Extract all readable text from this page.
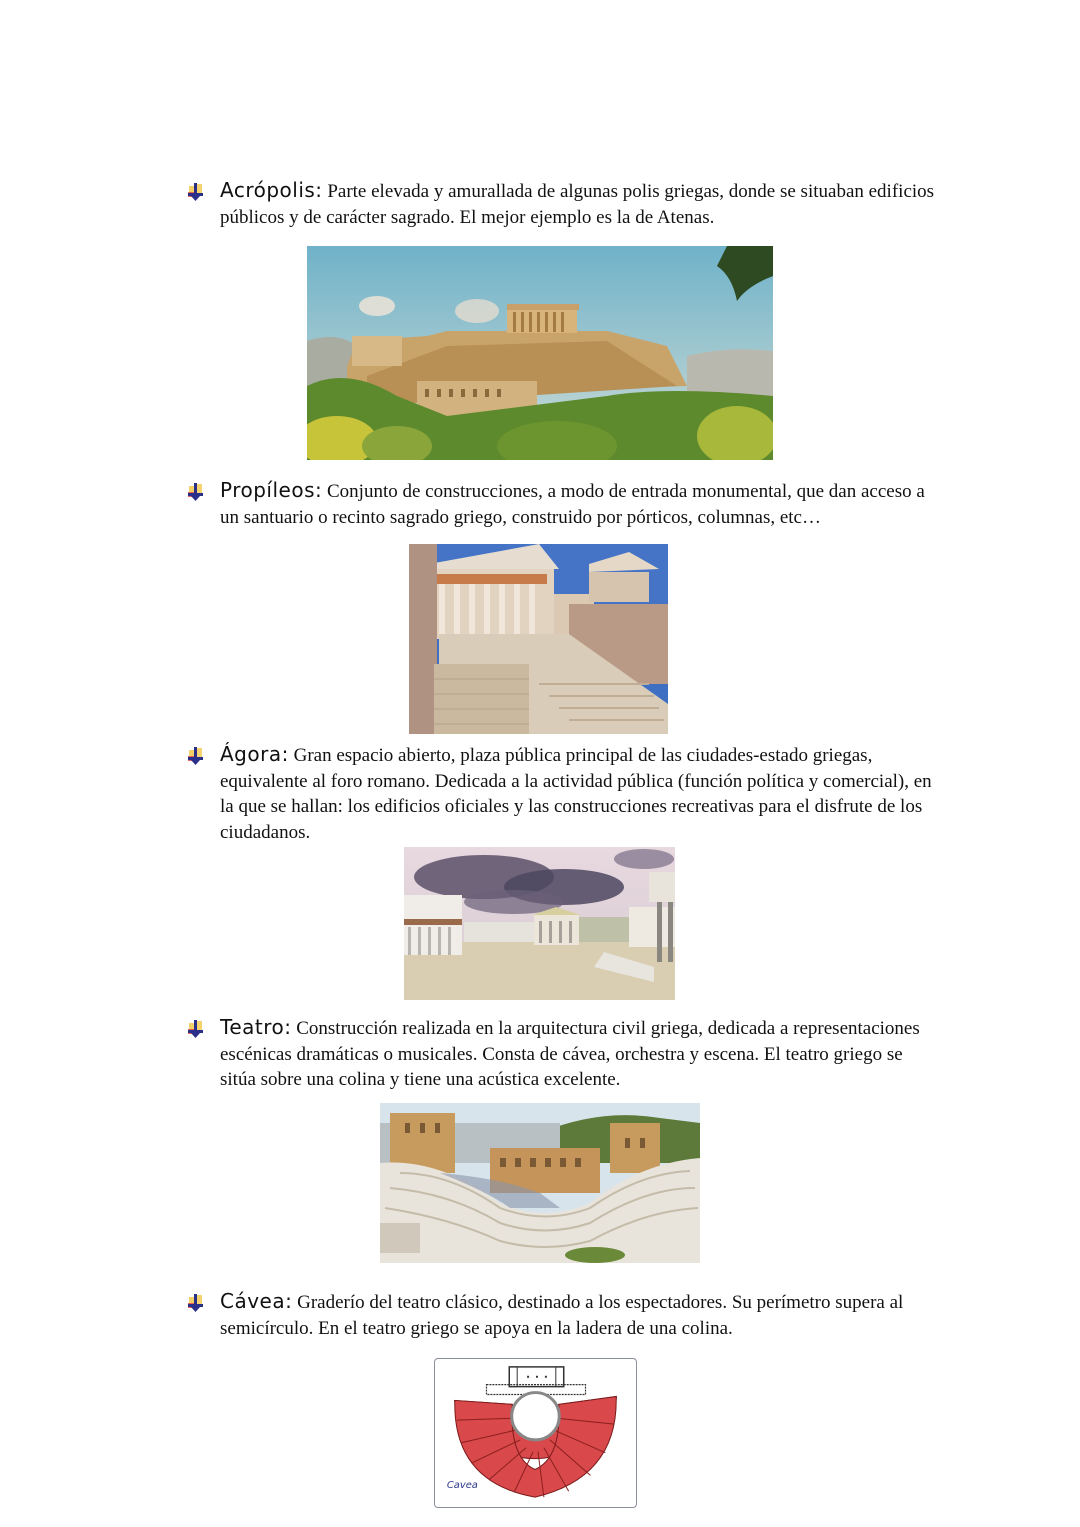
Acrópolis: Parte elevada y amurallada de algunas polis griegas, donde se situaban edificios públicos y de carácter sagrado. El mejor ejemplo es la de Atenas.
Propíleos: Conjunto de construcciones, a modo de entrada monumental, que dan acceso a un santuario o recinto sagrado griego, construido por pórticos, columnas, etc…
Ágora: Gran espacio abierto, plaza pública principal de las ciudades-estado griegas, equivalente al foro romano. Dedicada a la actividad pública (función política y comercial), en la que se hallan: los edificios oficiales y las construcciones recreativas para el disfrute de los ciudadanos.
Teatro: Construcción realizada en la arquitectura civil griega, dedicada a representaciones escénicas dramáticas o musicales. Consta de cávea, orchestra y escena. El teatro griego se sitúa sobre una colina y tiene una acústica excelente.
Cávea: Graderío del teatro clásico, destinado a los espectadores. Su perímetro supera al semicírculo. En el teatro griego se apoya en la ladera de una colina.
Cavea
